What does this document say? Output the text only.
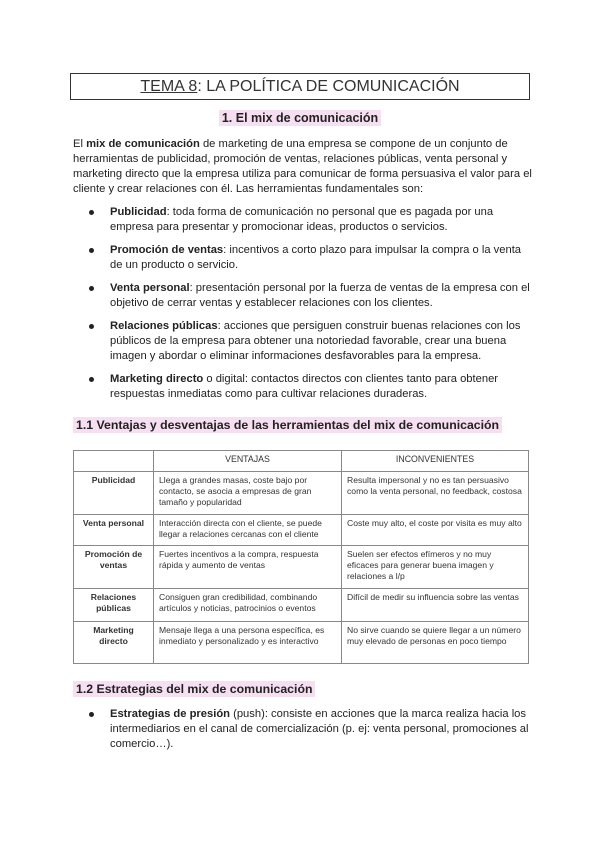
TEMA 8: LA POLÍTICA DE COMUNICACIÓN
1. El mix de comunicación

El mix de comunicación de marketing de una empresa se compone de un conjunto de herramientas de publicidad, promoción de ventas, relaciones públicas, venta personal y marketing directo que la empresa utiliza para comunicar de forma persuasiva el valor para el cliente y crear relaciones con él. Las herramientas fundamentales son:

Publicidad: toda forma de comunicación no personal que es pagada por una empresa para presentar y promocionar ideas, productos o servicios.
Promoción de ventas: incentivos a corto plazo para impulsar la compra o la venta de un producto o servicio.
Venta personal: presentación personal por la fuerza de ventas de la empresa con el objetivo de cerrar ventas y establecer relaciones con los clientes.
Relaciones públicas: acciones que persiguen construir buenas relaciones con los públicos de la empresa para obtener una notoriedad favorable, crear una buena imagen y abordar o eliminar informaciones desfavorables para la empresa.
Marketing directo o digital: contactos directos con clientes tanto para obtener respuestas inmediatas como para cultivar relaciones duraderas.
1.1 Ventajas y desventajas de las herramientas del mix de comunicación
	VENTAJAS	INCONVENIENTES
Publicidad	Llega a grandes masas, coste bajo por contacto, se asocia a empresas de gran tamaño y popularidad	Resulta impersonal y no es tan persuasivo como la venta personal, no feedback, costosa
Venta personal	Interacción directa con el cliente, se puede llegar a relaciones cercanas con el cliente	Coste muy alto, el coste por visita es muy alto
Promoción de ventas	Fuertes incentivos a la compra, respuesta rápida y aumento de ventas	Suelen ser efectos efímeros y no muy eficaces para generar buena imagen y relaciones a l/p
Relaciones públicas	Consiguen gran credibilidad, combinando artículos y noticias, patrocinios o eventos	Difícil de medir su influencia sobre las ventas
Marketing directo	Mensaje llega a una persona específica, es inmediato y personalizado y es interactivo	No sirve cuando se quiere llegar a un número muy elevado de personas en poco tiempo
1.2 Estrategias del mix de comunicación
Estrategias de presión (push): consiste en acciones que la marca realiza hacia los intermediarios en el canal de comercialización (p. ej: venta personal, promociones al comercio…).
